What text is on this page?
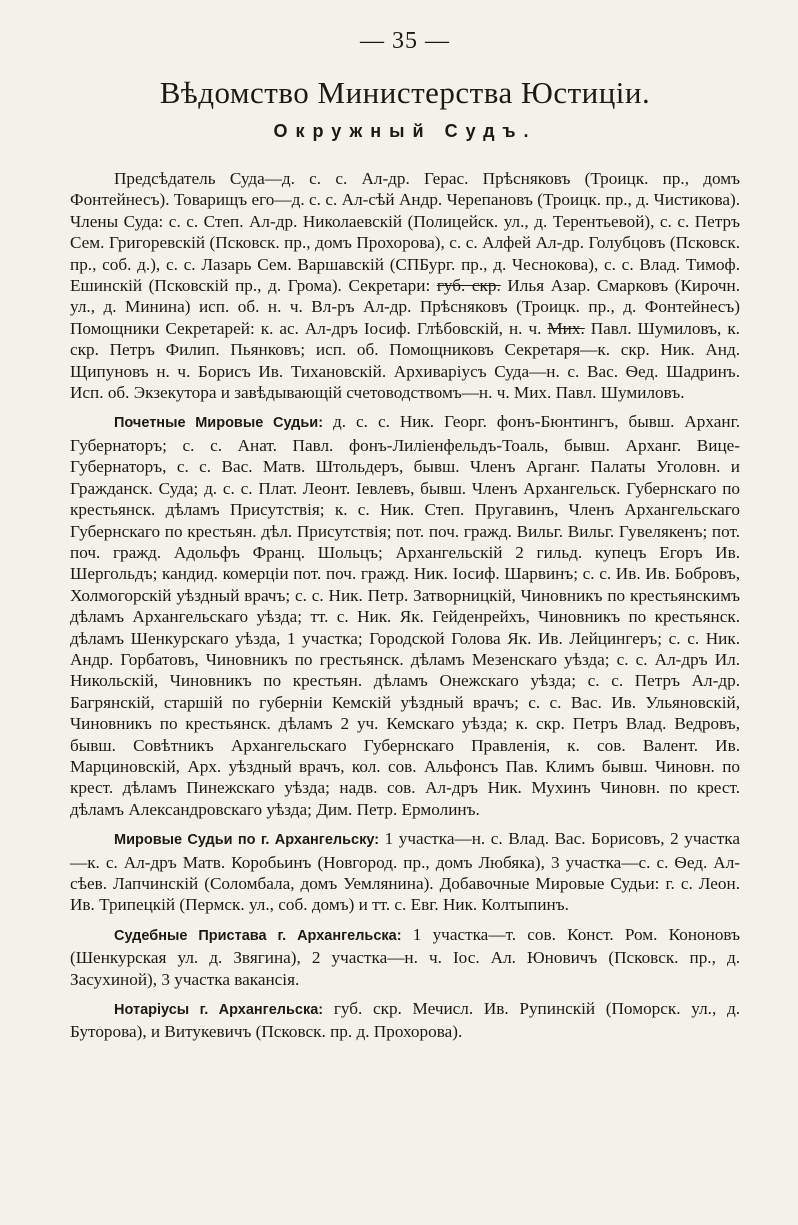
— 35 —
Вѣдомство Министерства Юстиціи.
Окружный Судъ.

Предсѣдатель Суда—д. с. с. Ал-др. Герас. Прѣсняковъ (Троицк. пр., домъ Фонтейнесъ). Товарищъ его—д. с. с. Ал-сѣй Андр. Черепановъ (Троицк. пр., д. Чистикова). Члены Суда: с. с. Степ. Ал-др. Николаевскій (Полицейск. ул., д. Терентьевой), с. с. Петръ Сем. Григоревскій (Псковск. пр., домъ Прохорова), с. с. Алфей Ал-др. Голубцовъ (Псковск. пр., соб. д.), с. с. Лазарь Сем. Варшавскій (СПБург. пр., д. Чеснокова), с. с. Влад. Тимоф. Ешинскій (Псковскій пр., д. Грома). Секретари: губ. скр. Илья Азар. Смарковъ (Кирочн. ул., д. Минина) исп. об. н. ч. Вл-ръ Ал-др. Прѣсняковъ (Троицк. пр., д. Фонтейнесъ) Помощники Секретарей: к. ас. Ал-дръ Іосиф. Глѣбовскій, н. ч. Мих. Павл. Шумиловъ, к. скр. Петръ Филип. Пьянковъ; исп. об. Помощниковъ Секретаря—к. скр. Ник. Анд. Щипуновъ н. ч. Борисъ Ив. Тихановскій. Архиваріусъ Суда—н. с. Вас. Ѳед. Шадринъ. Исп. об. Экзекутора и завѣдывающій счетоводствомъ—н. ч. Мих. Павл. Шумиловъ.

Почетные Мировые Судьи: д. с. с. Ник. Георг. фонъ-Бюнтингъ, бывш. Арханг. Губернаторъ; с. с. Анат. Павл. фонъ-Лиліенфельдъ-Тоаль, бывш. Арханг. Вице-Губернаторъ, с. с. Вас. Матв. Штольдеръ, бывш. Членъ Арганг. Палаты Уголовн. и Гражданск. Суда; д. с. с. Плат. Леонт. Іевлевъ, бывш. Членъ Архангельск. Губернскаго по крестьянск. дѣламъ Присутствія; к. с. Ник. Степ. Пругавинъ, Членъ Архангельскаго Губернскаго по крестьян. дѣл. Присутствія; пот. поч. гражд. Вильг. Вильг. Гувелякенъ; пот. поч. гражд. Адольфъ Франц. Шольцъ; Архангельскій 2 гильд. купецъ Егоръ Ив. Шергольдъ; кандид. комерціи пот. поч. гражд. Ник. Іосиф. Шарвинъ; с. с. Ив. Ив. Бобровъ, Холмогорскій уѣздный врачъ; с. с. Ник. Петр. Затворницкій, Чиновникъ по крестьянскимъ дѣламъ Архангельскаго уѣзда; тт. с. Ник. Як. Гейденрейхъ, Чиновникъ по крестьянск. дѣламъ Шенкурскаго уѣзда, 1 участка; Городской Голова Як. Ив. Лейцингеръ; с. с. Ник. Андр. Горбатовъ, Чиновникъ по грестьянск. дѣламъ Мезенскаго уѣзда; с. с. Ал-дръ Ил. Никольскій, Чиновникъ по крестьян. дѣламъ Онежскаго уѣзда; с. с. Петръ Ал-др. Багрянскій, старшій по губерніи Кемскій уѣздный врачъ; с. с. Вас. Ив. Ульяновскій, Чиновникъ по крестьянск. дѣламъ 2 уч. Кемскаго уѣзда; к. скр. Петръ Влад. Ведровъ, бывш. Совѣтникъ Архангельскаго Губернскаго Правленія, к. сов. Валент. Ив. Марциновскій, Арх. уѣздный врачъ, кол. сов. Альфонсъ Пав. Климъ бывш. Чиновн. по крест. дѣламъ Пинежскаго уѣзда; надв. сов. Ал-дръ Ник. Мухинъ Чиновн. по крест. дѣламъ Александровскаго уѣзда; Дим. Петр. Ермолинъ.

Мировые Судьи по г. Архангельску: 1 участка—н. с. Влад. Вас. Борисовъ, 2 участка—к. с. Ал-дръ Матв. Коробьинъ (Новгород. пр., домъ Любяка), 3 участка—с. с. Ѳед. Ал-сѣев. Лапчинскій (Соломбала, домъ Уемлянина). Добавочные Мировые Судьи: г. с. Леон. Ив. Трипецкій (Пермск. ул., соб. домъ) и тт. с. Евг. Ник. Колтыпинъ.

Судебные Пристава г. Архангельска: 1 участка—т. сов. Конст. Ром. Кононовъ (Шенкурская ул. д. Звягина), 2 участка—н. ч. Іос. Ал. Юновичъ (Псковск. пр., д. Засухиной), 3 участка вакансія.

Нотаріусы г. Архангельска: губ. скр. Мечисл. Ив. Рупинскій (Поморск. ул., д. Буторова), и Витукевичъ (Псковск. пр. д. Прохорова).
